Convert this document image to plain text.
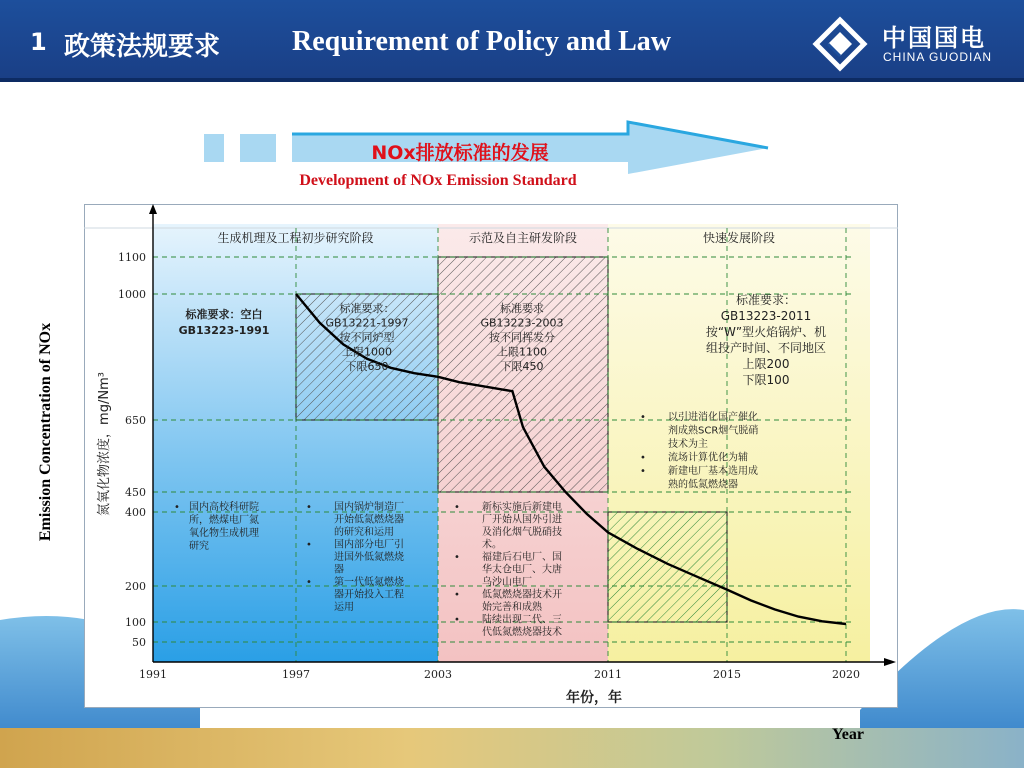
1 政策法规要求	Requirement of Policy and Law	中国国电
CHINA GUODIAN
NOx排放标准的发展
Development of NOx Emission Standard
生成机理及工程初步研究阶段	示范及自主研发阶段	快速发展阶段
50
100
200
400
450
650
1000
1100
1991	1997	2003	2011	2015	2020
年份，年
氮氧化物浓度，mg/Nm³
标准要求：空白
GB13223-1991
标准要求：
GB13221-1997
按不同炉型
上限1000
下限650
标准要求
GB13223-2003
按不同挥发分
上限1100
下限450
标准要求：
GB13223-2011
按“W”型火焰锅炉、机
组投产时间、不同地区
上限200
下限100
以引进消化国产催化
剂成熟SCR烟气脱硝
技术为主
流场计算优化为辅
新建电厂基本选用成
熟的低氮燃烧器
•
•
•
国内高校科研院
所，燃煤电厂氮
氧化物生成机理
研究
•	国内锅炉制造厂
开始低氮燃烧器
的研究和运用
国内部分电厂引
进国外低氮燃烧
器
第一代低氮燃烧
器开始投入工程
运用
•
•
•
新标实施后新建电
厂开始从国外引进
及消化烟气脱硝技
术。
福建后石电厂、国
华太仓电厂、大唐
乌沙山电厂
低氮燃烧器技术开
始完善和成熟
陆续出现二代、三
代低氮燃烧器技术
•
•
•
•
Emission Concentration of NOx
Year
